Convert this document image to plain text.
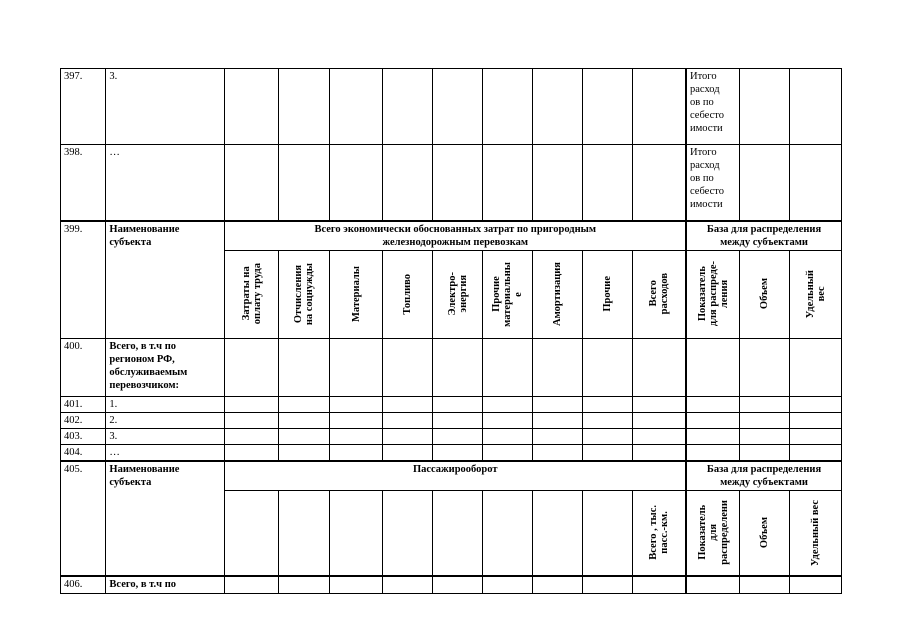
397.	3.										Итого
расход
ов по
себесто
имости		
398.	…										Итого
расход
ов по
себесто
имости		
399.	Наименование
субъекта	Всего экономически обоснованных затрат по пригородным
железнодорожным перевозкам									База для распределения
между субъектами		

		Затраты на
оплату труда	Отчисления
на соцнужды	Материалы	Топливо	Электро-
энергия	Прочие
материальны
е	Амортизация	Прочие	Всего
расходов	Показатель
для распреде-
ления	Объем	Удельный
вес

400.	Всего, в т.ч по
регионом РФ,
обслуживаемым
перевозчиком:												
401.	1.												
402.	2.												
403.	3.												
404.	…												
405.	Наименование
субъекта	Пассажирооборот									База для распределения
между субъектами		

										Всего , тыс.
пасс.-км.	Показатель
для
распределени	Объем	Удельный вес

406.	Всего, в т.ч по												
